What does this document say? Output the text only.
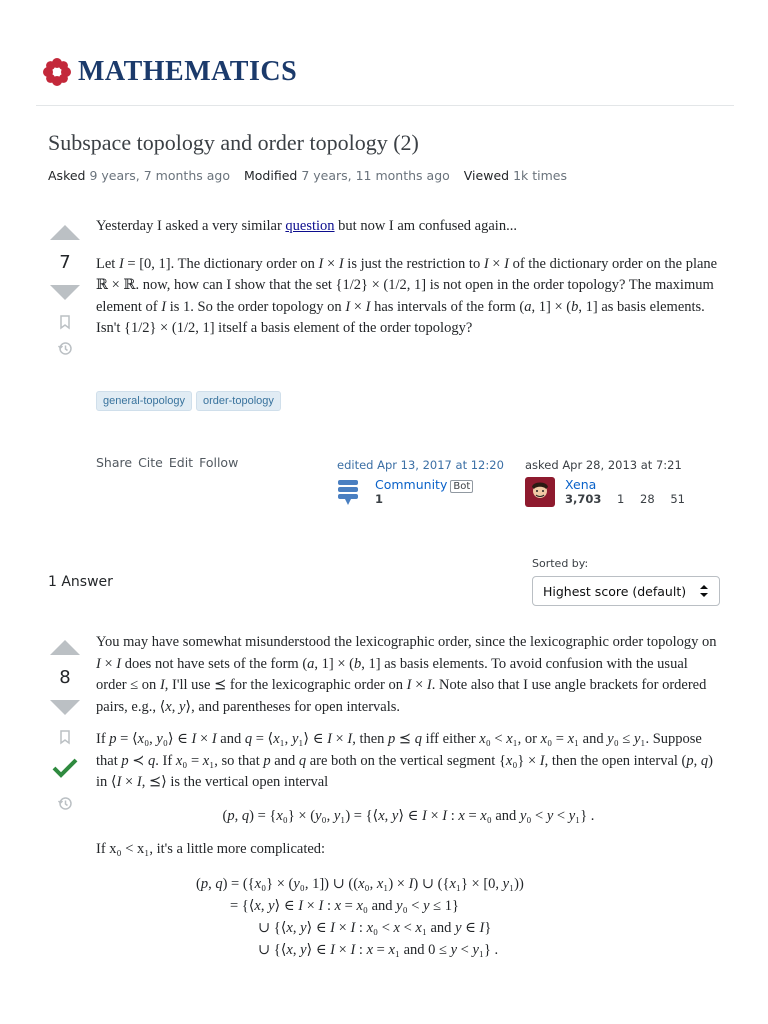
MATHEMATICS
Subspace topology and order topology (2)
Asked 9 years, 7 months ago Modified 7 years, 11 months ago Viewed 1k times
7

Yesterday I asked a very similar question but now I am confused again...

Let I = [0, 1]. The dictionary order on I × I is just the restriction to I × I of the dictionary order on the plane ℝ × ℝ. now, how can I show that the set {1/2} × (1/2, 1] is not open in the order topology? The maximum element of I is 1. So the order topology on I × I has intervals of the form (a, 1] × (b, 1] as basis elements. Isn't {1/2} × (1/2, 1] itself a basis element of the order topology?

general-topology order-topology
Share Cite Edit Follow	edited Apr 13, 2017 at 12:20
Community Bot
1
asked Apr 28, 2013 at 7:21
Xena
3,703 1 28 51
1 Answer
Sorted by:
Highest score (default)
8

You may have somewhat misunderstood the lexicographic order, since the lexicographic order topology on I × I does not have sets of the form (a, 1] × (b, 1] as basis elements. To avoid confusion with the usual order ≤ on I, I'll use ⪯ for the lexicographic order on I × I. Note also that I use angle brackets for ordered pairs, e.g., ⟨x, y⟩, and parentheses for open intervals.

If p = ⟨x₀, y₀⟩ ∈ I × I and q = ⟨x₁, y₁⟩ ∈ I × I, then p ⪯ q iff either x₀ < x₁, or x₀ = x₁ and y₀ ≤ y₁. Suppose that p ≺ q. If x₀ = x₁, so that p and q are both on the vertical segment {x₀} × I, then the open interval (p, q) in ⟨I × I, ⪯⟩ is the vertical open interval

(p, q) = {x₀} × (y₀, y₁) = {⟨x, y⟩ ∈ I × I : x = x₀ and y₀ < y < y₁} .

If x₀ < x₁, it's a little more complicated:

(p, q) = ({x₀} × (y₀, 1]) ∪ ((x₀, x₁) × I) ∪ ({x₁} × [0, y₁))
= {⟨x, y⟩ ∈ I × I : x = x₀ and y₀ < y ≤ 1}
∪ {⟨x, y⟩ ∈ I × I : x₀ < x < x₁ and y ∈ I}
∪ {⟨x, y⟩ ∈ I × I : x = x₁ and 0 ≤ y < y₁} .
